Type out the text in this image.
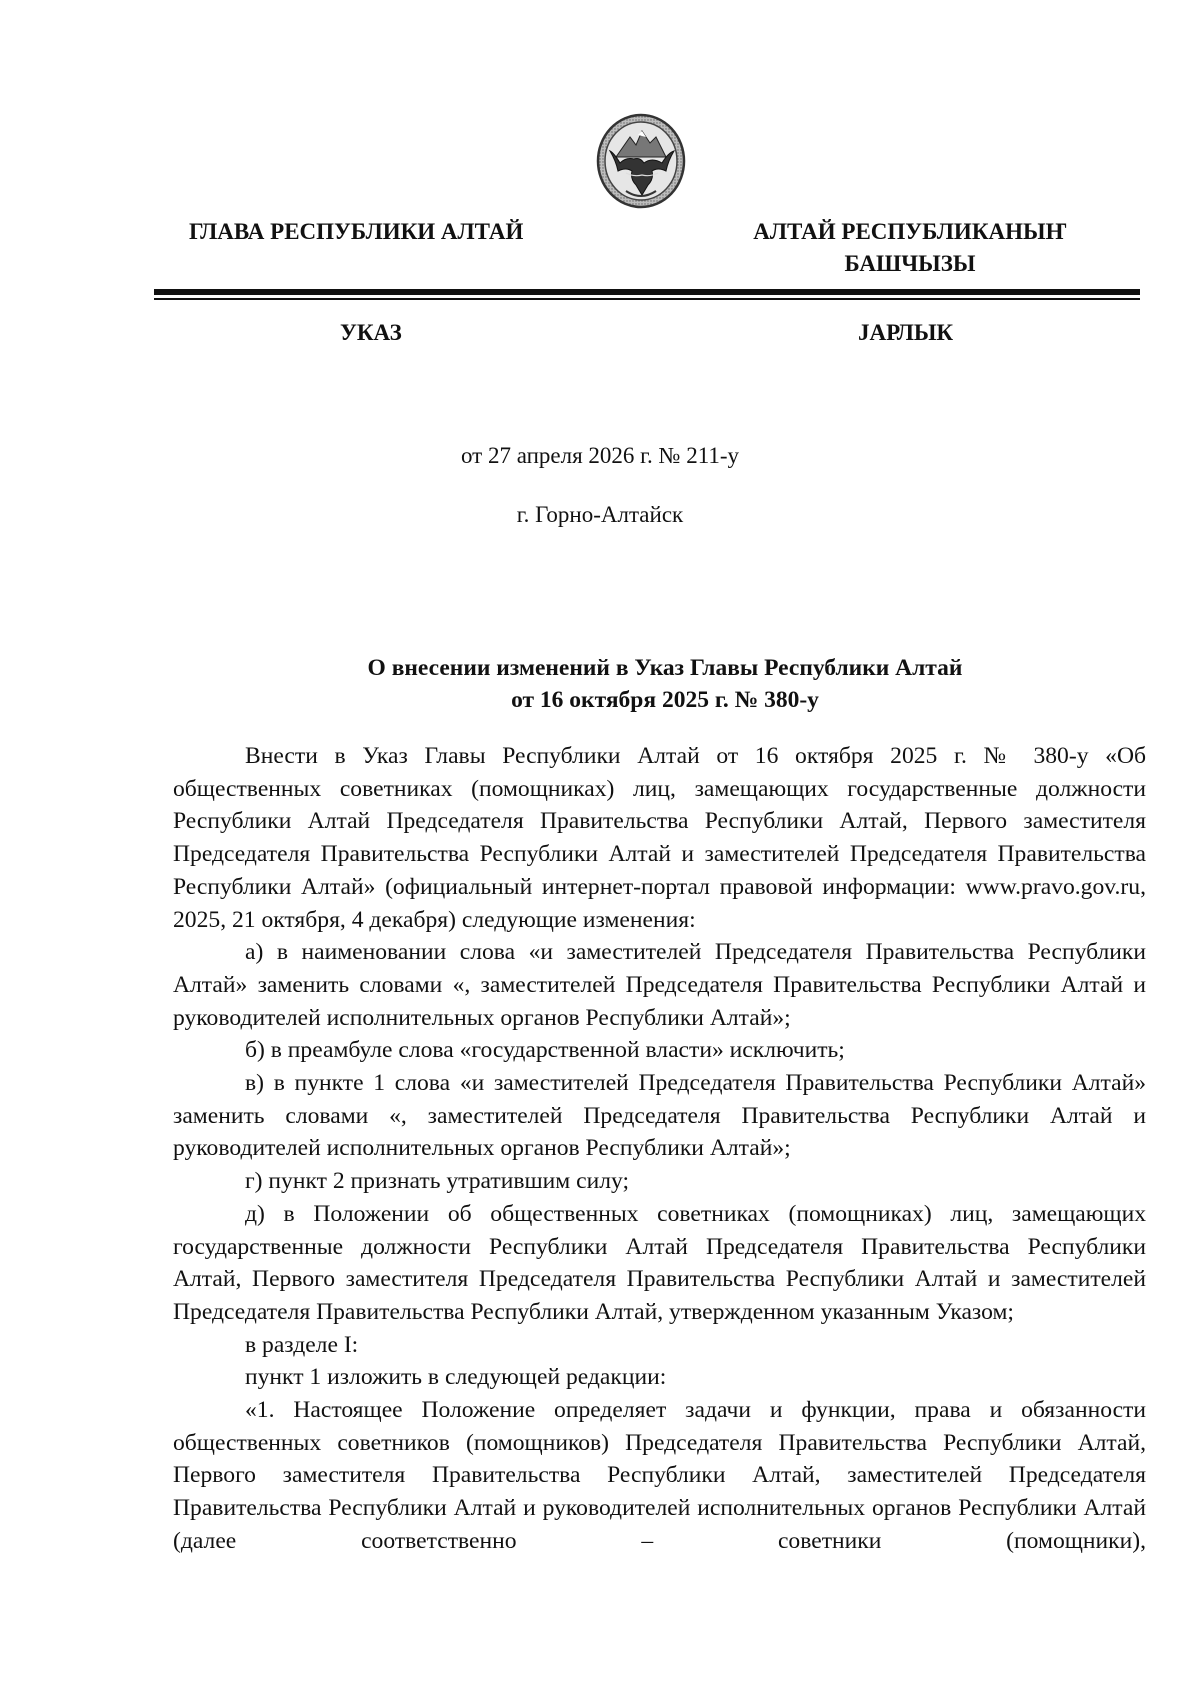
ГЛАВА РЕСПУБЛИКИ АЛТАЙ	АЛТАЙ РЕСПУБЛИКАНЫҤ
БАШЧЫЗЫ
УКАЗ	ЈАРЛЫК
от 27 апреля 2026 г. № 211-у
г. Горно-Алтайск
О внесении изменений в Указ Главы Республики Алтай
от 16 октября 2025 г. № 380-у

Внести в Указ Главы Республики Алтай от 16 октября 2025 г. № 380-у «Об общественных советниках (помощниках) лиц, замещающих государственные должности Республики Алтай Председателя Правительства Республики Алтай, Первого заместителя Председателя Правительства Республики Алтай и заместителей Председателя Правительства Республики Алтай» (официальный интернет-портал правовой информации: www.pravo.gov.ru, 2025, 21 октября, 4 декабря) следующие изменения:

а) в наименовании слова «и заместителей Председателя Правительства Республики Алтай» заменить словами «, заместителей Председателя Правительства Республики Алтай и руководителей исполнительных органов Республики Алтай»;

б) в преамбуле слова «государственной власти» исключить;

в) в пункте 1 слова «и заместителей Председателя Правительства Республики Алтай» заменить словами «, заместителей Председателя Правительства Республики Алтай и руководителей исполнительных органов Республики Алтай»;

г) пункт 2 признать утратившим силу;

д) в Положении об общественных советниках (помощниках) лиц, замещающих государственные должности Республики Алтай Председателя Правительства Республики Алтай, Первого заместителя Председателя Правительства Республики Алтай и заместителей Председателя Правительства Республики Алтай, утвержденном указанным Указом;

в разделе I:

пункт 1 изложить в следующей редакции:

«1. Настоящее Положение определяет задачи и функции, права и обязанности общественных советников (помощников) Председателя Правительства Республики Алтай, Первого заместителя Правительства Республики Алтай, заместителей Председателя Правительства Республики Алтай и руководителей исполнительных органов Республики Алтай (далее соответственно – советники (помощники),
